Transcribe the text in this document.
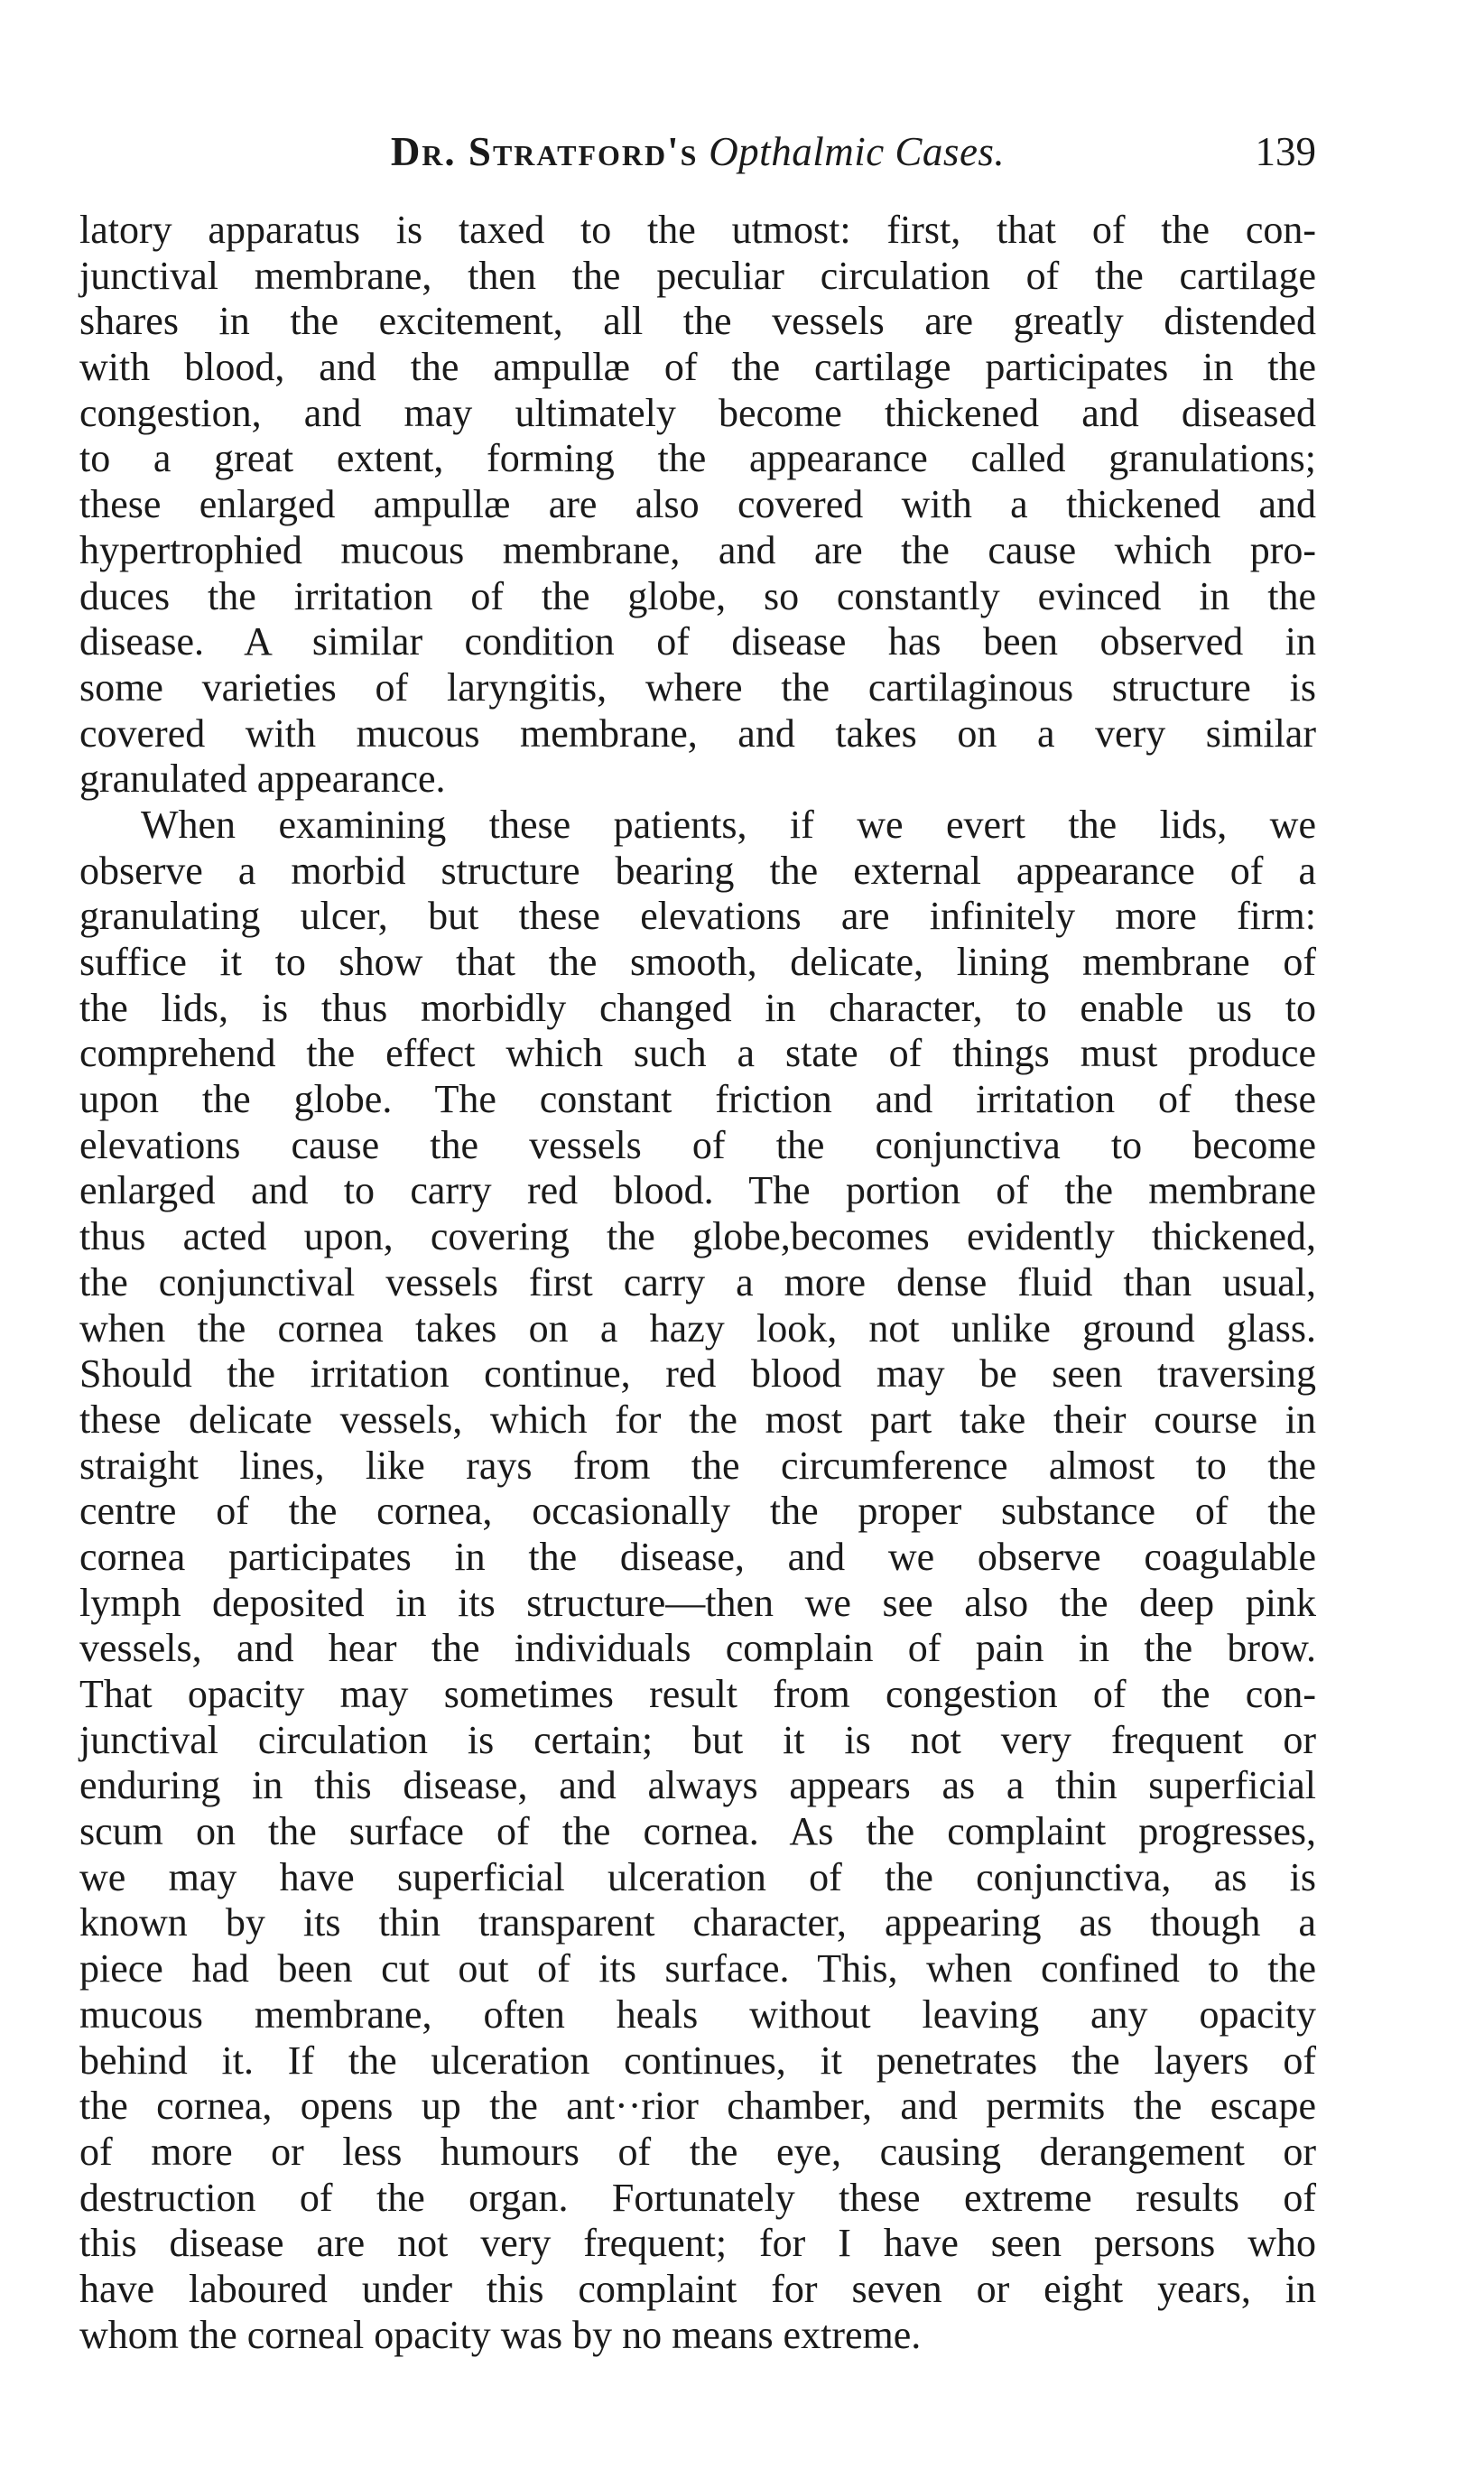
Dr. Stratford's Opthalmic Cases.	139
latory apparatus is taxed to the utmost: first, that of the con-
junctival membrane, then the peculiar circulation of the cartilage
shares in the excitement, all the vessels are greatly distended
with blood, and the ampullæ of the cartilage participates in the
congestion, and may ultimately become thickened and diseased
to a great extent, forming the appearance called granulations;
these enlarged ampullæ are also covered with a thickened and
hypertrophied mucous membrane, and are the cause which pro-
duces the irritation of the globe, so constantly evinced in the
disease. A similar condition of disease has been observed in
some varieties of laryngitis, where the cartilaginous structure is
covered with mucous membrane, and takes on a very similar
granulated appearance.
When examining these patients, if we evert the lids, we
observe a morbid structure bearing the external appearance of a
granulating ulcer, but these elevations are infinitely more firm:
suffice it to show that the smooth, delicate, lining membrane of
the lids, is thus morbidly changed in character, to enable us to
comprehend the effect which such a state of things must produce
upon the globe. The constant friction and irritation of these
elevations cause the vessels of the conjunctiva to become
enlarged and to carry red blood. The portion of the membrane
thus acted upon, covering the globe,becomes evidently thickened,
the conjunctival vessels first carry a more dense fluid than usual,
when the cornea takes on a hazy look, not unlike ground glass.
Should the irritation continue, red blood may be seen traversing
these delicate vessels, which for the most part take their course in
straight lines, like rays from the circumference almost to the
centre of the cornea, occasionally the proper substance of the
cornea participates in the disease, and we observe coagulable
lymph deposited in its structure—then we see also the deep pink
vessels, and hear the individuals complain of pain in the brow.
That opacity may sometimes result from congestion of the con-
junctival circulation is certain; but it is not very frequent or
enduring in this disease, and always appears as a thin superficial
scum on the surface of the cornea. As the complaint progresses,
we may have superficial ulceration of the conjunctiva, as is
known by its thin transparent character, appearing as though a
piece had been cut out of its surface. This, when confined to the
mucous membrane, often heals without leaving any opacity
behind it. If the ulceration continues, it penetrates the layers of
the cornea, opens up the ant··rior chamber, and permits the escape
of more or less humours of the eye, causing derangement or
destruction of the organ. Fortunately these extreme results of
this disease are not very frequent; for I have seen persons who
have laboured under this complaint for seven or eight years, in
whom the corneal opacity was by no means extreme.
